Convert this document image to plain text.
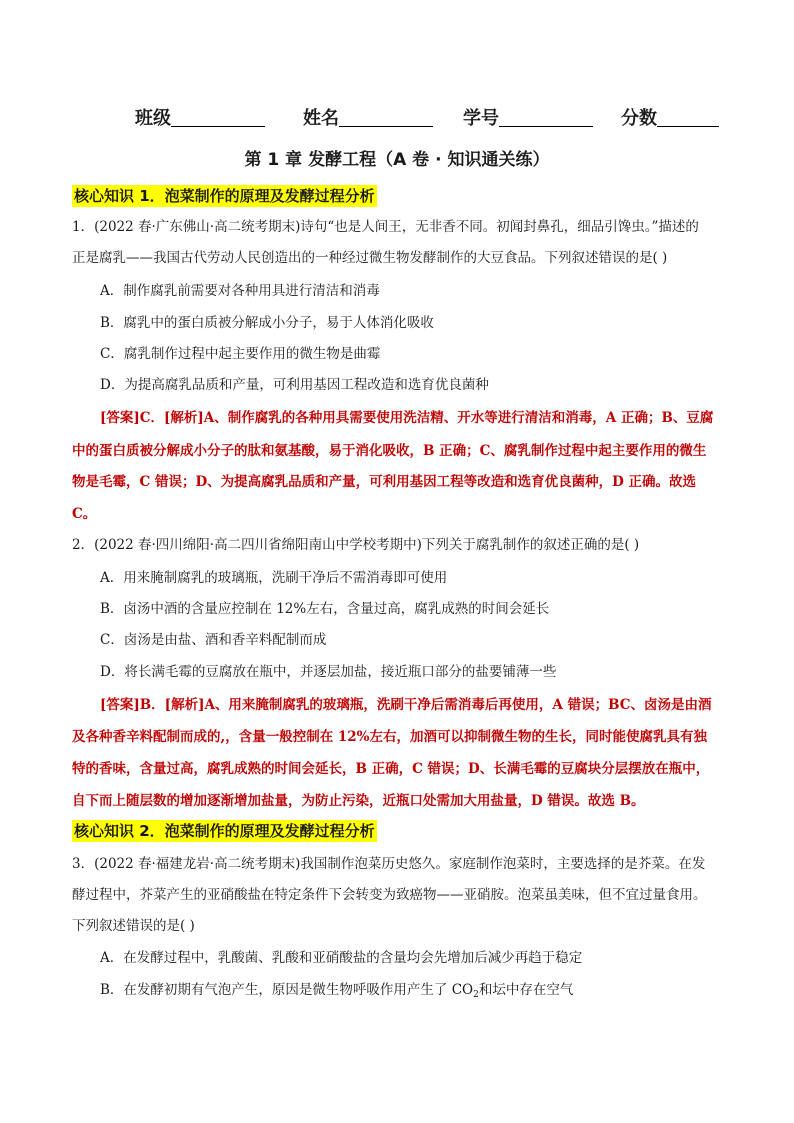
班级	姓名	学号	分数
第 1 章 发酵工程（A 卷 · 知识通关练）
核心知识 1．泡菜制作的原理及发酵过程分析
1．(2022 春·广东佛山·高二统考期末)诗句“也是人间王，无非香不同。初闻封鼻孔，细品引馋虫。”描述的
正是腐乳——我国古代劳动人民创造出的一种经过微生物发酵制作的大豆食品。下列叙述错误的是( )
A．制作腐乳前需要对各种用具进行清洁和消毒
B．腐乳中的蛋白质被分解成小分子，易于人体消化吸收
C．腐乳制作过程中起主要作用的微生物是曲霉
D．为提高腐乳品质和产量，可利用基因工程改造和选育优良菌种
[答案]C．[解析]A、制作腐乳的各种用具需要使用洗洁精、开水等进行清洁和消毒，A 正确；B、豆腐
中的蛋白质被分解成小分子的肽和氨基酸，易于消化吸收，B 正确；C、腐乳制作过程中起主要作用的微生
物是毛霉，C 错误；D、为提高腐乳品质和产量，可利用基因工程等改造和选育优良菌种，D 正确。故选
C。
2．(2022 春·四川绵阳·高二四川省绵阳南山中学校考期中)下列关于腐乳制作的叙述正确的是( )
A．用来腌制腐乳的玻璃瓶，洗刷干净后不需消毒即可使用
B．卤汤中酒的含量应控制在 12%左右，含量过高，腐乳成熟的时间会延长
C．卤汤是由盐、酒和香辛料配制而成
D．将长满毛霉的豆腐放在瓶中，并逐层加盐，接近瓶口部分的盐要铺薄一些
[答案]B．[解析]A、用来腌制腐乳的玻璃瓶，洗刷干净后需消毒后再使用，A 错误；BC、卤汤是由酒
及各种香辛料配制而成的,，含量一般控制在 12%左右，加酒可以抑制微生物的生长，同时能使腐乳具有独
特的香味，含量过高，腐乳成熟的时间会延长，B 正确，C 错误；D、长满毛霉的豆腐块分层摆放在瓶中，
自下而上随层数的增加逐渐增加盐量，为防止污染，近瓶口处需加大用盐量，D 错误。故选 B。
核心知识 2．泡菜制作的原理及发酵过程分析
3．(2022 春·福建龙岩·高二统考期末)我国制作泡菜历史悠久。家庭制作泡菜时，主要选择的是芥菜。在发
酵过程中，芥菜产生的亚硝酸盐在特定条件下会转变为致癌物——亚硝胺。泡菜虽美味，但不宜过量食用。
下列叙述错误的是( )
A．在发酵过程中，乳酸菌、乳酸和亚硝酸盐的含量均会先增加后减少再趋于稳定
B．在发酵初期有气泡产生，原因是微生物呼吸作用产生了 $CO_2$和坛中存在空气
